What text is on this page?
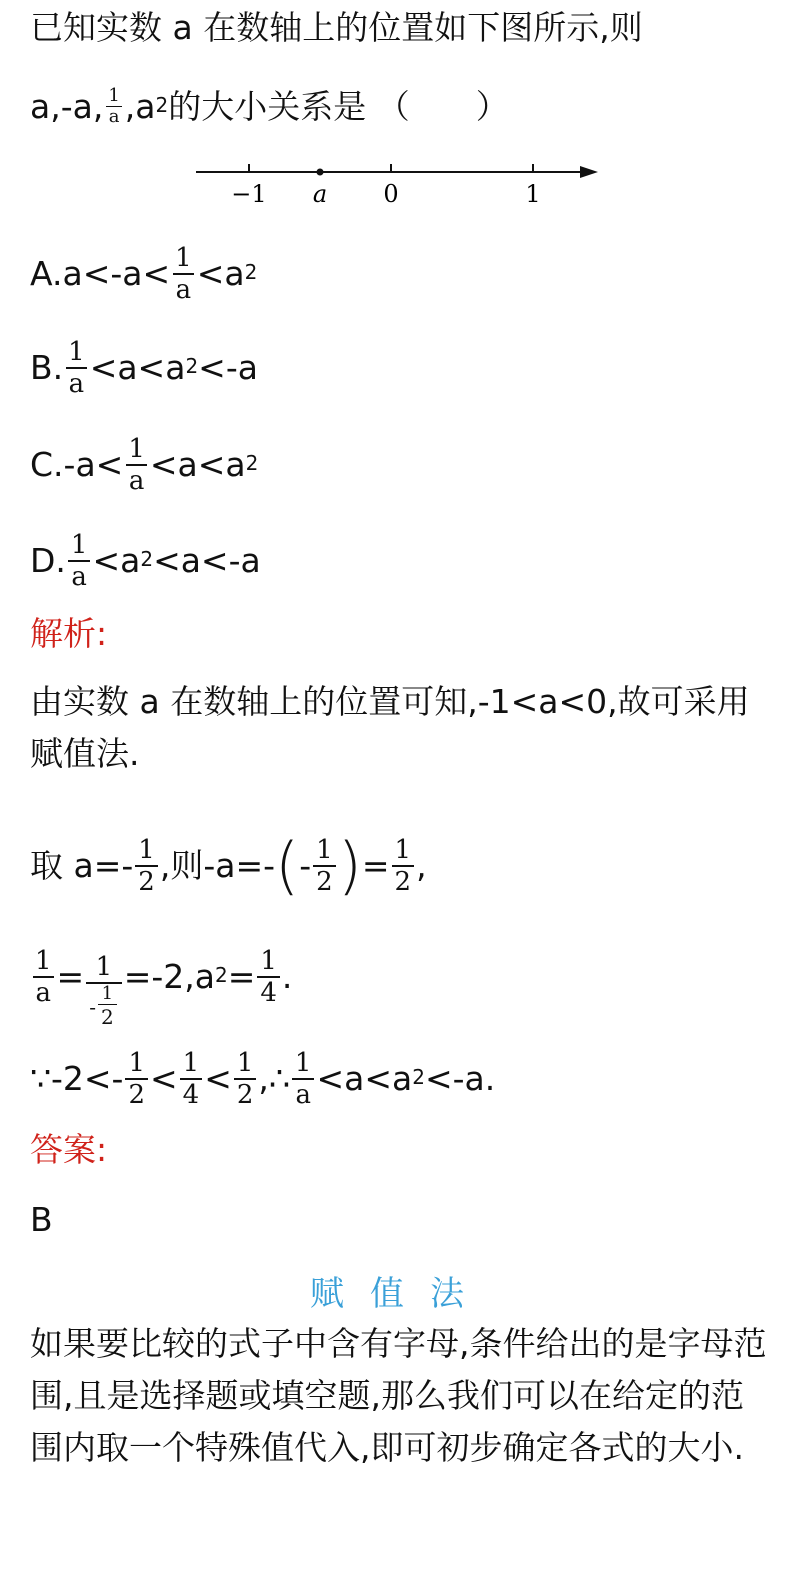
已知实数 a 在数轴上的位置如下图所示,则
a,-a, $\frac{1}{a} ,a^2$ 的大小关系是 （　　）
−1 a 0	1
$A.a<-a< \frac{1}{a} <a^2$
B. $\frac{1}{a} <a<a^2 <-a$
$C.-a< \frac{1}{a} <a<a^2$
D. $\frac{1}{a} <a^2 <a<-a$
解析:
由实数 a 在数轴上的位置可知,-1<a<0,故可采用赋值法.
取 $a=- \frac{1}{2}$ ,则-a=- ( - $\frac{1}{2}$ ) = $\frac{1}{2}$ ,
$\frac{1}{a} = \frac{1}{- \frac{1}{2}} =-2,a^2 = \frac{1}{4}$ .
∵-2<- $\frac{1}{2} < \frac{1}{4} < \frac{1}{2}$ ,∴ $\frac{1}{a} <a<a^2 <-a$.
答案:
B
赋值法
如果要比较的式子中含有字母,条件给出的是字母范围,且是选择题或填空题,那么我们可以在给定的范围内取一个特殊值代入,即可初步确定各式的大小.
